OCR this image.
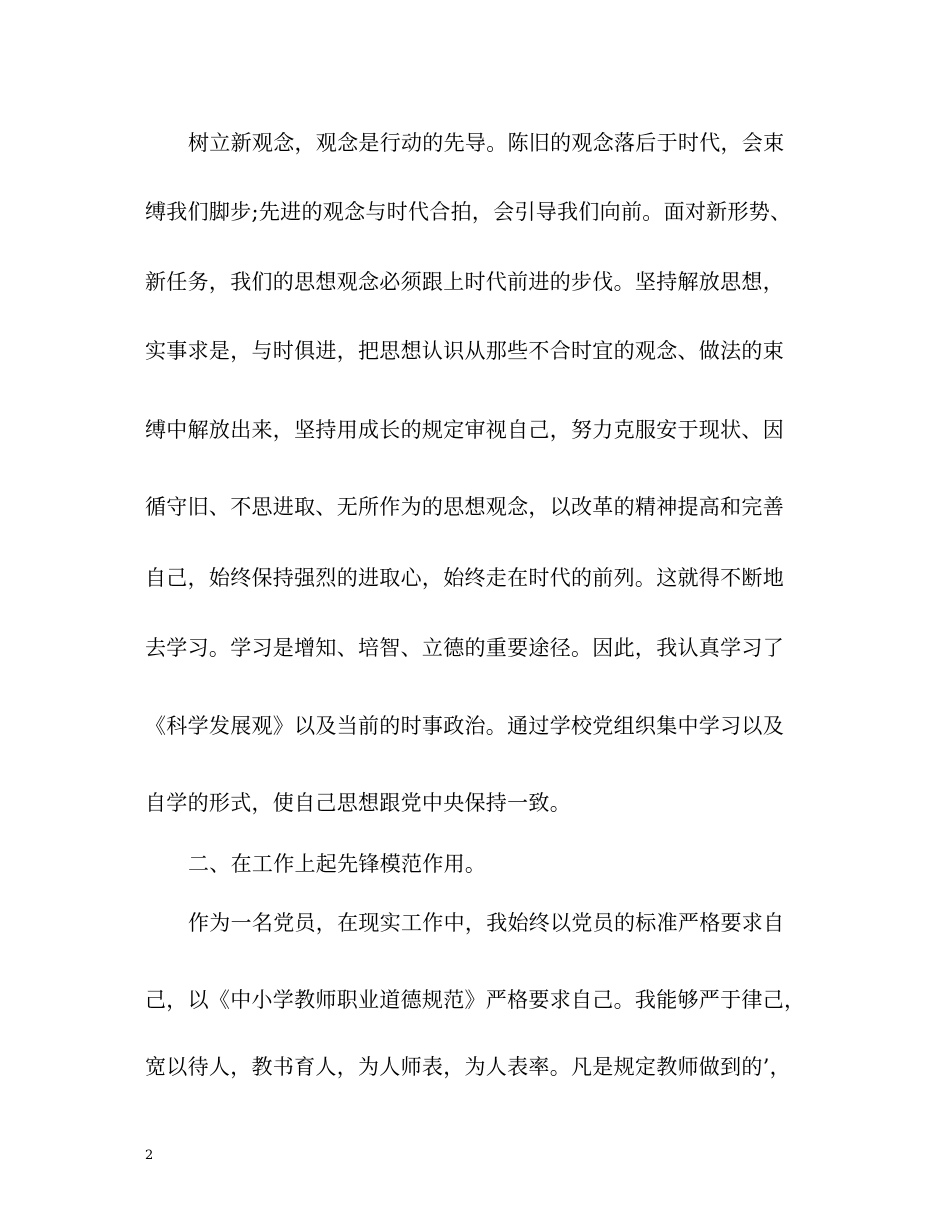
树立新观念，观念是行动的先导。陈旧的观念落后于时代，会束
缚我们脚步;先进的观念与时代合拍，会引导我们向前。面对新形势、
新任务，我们的思想观念必须跟上时代前进的步伐。坚持解放思想，
实事求是，与时俱进，把思想认识从那些不合时宜的观念、做法的束
缚中解放出来，坚持用成长的规定审视自己，努力克服安于现状、因
循守旧、不思进取、无所作为的思想观念，以改革的精神提高和完善
自己，始终保持强烈的进取心，始终走在时代的前列。这就得不断地
去学习。学习是增知、培智、立德的重要途径。因此，我认真学习了
《科学发展观》以及当前的时事政治。通过学校党组织集中学习以及
自学的形式，使自己思想跟党中央保持一致。
二、在工作上起先锋模范作用。
作为一名党员，在现实工作中，我始终以党员的标准严格要求自
己，以《中小学教师职业道德规范》严格要求自己。我能够严于律己，
宽以待人，教书育人，为人师表，为人表率。凡是规定教师做到的’，
2
